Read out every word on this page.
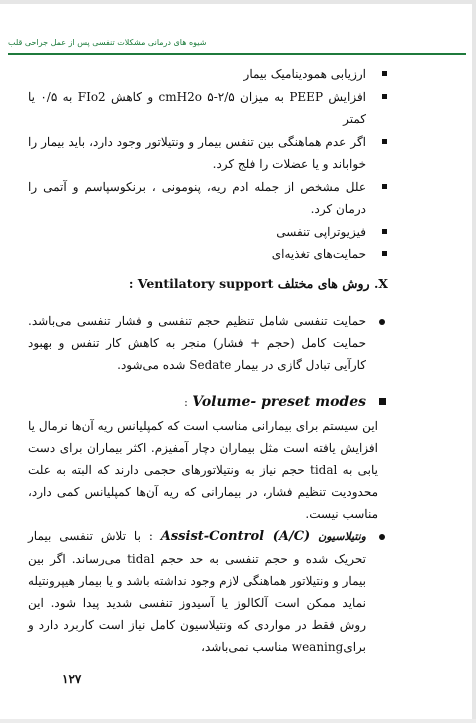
شیوه های درمانی مشکلات تنفسی پس از عمل جراحی قلب
ارزیابی همودینامیک بیمار
افزایش PEEP به میزان cmH2o ۵-۲/۵ و کاهش FIo2 به ۰/۵ یا کمتر
اگر عدم هماهنگی بین تنفس بیمار و ونتیلاتور وجود دارد، باید بیمار را خواباند و یا عضلات را فلج کرد.
علل مشخص از جمله ادم ریه، پنومونی ، برنکوسپاسم و آتمی را درمان کرد.
فیزیوتراپی تنفسی
حمایت‌های تغذیه‌ای
X. روش های مختلف Ventilatory support :
حمایت تنفسی شامل تنظیم حجم تنفسی و فشار تنفسی می‌باشد. حمایت کامل (حجم + فشار) منجر به کاهش کار تنفس و بهبود کارآیی تبادل گازی در بیمار Sedate شده می‌شود.
Volume- preset modes :
این سیستم برای بیمارانی مناسب است که کمپلیانس ریه آن‌ها نرمال یا افزایش یافته است مثل بیماران دچار آمفیزم. اکثر بیماران برای دست یابی به tidal حجم نیاز به ونتیلاتورهای حجمی دارند که البته به علت محدودیت تنظیم فشار، در بیمارانی که ریه آن‌ها کمپلیانس کمی دارد، مناسب نیست.
ونتیلاسیون Assist-Control (A/C) : با تلاش تنفسی بیمار تحریک شده و حجم تنفسی به حد حجم tidal می‌رساند. اگر بین بیمار و ونتیلاتور هماهنگی لازم وجود نداشته باشد و یا بیمار هیپرونتیله نماید ممکن است آلکالوز یا آسیدوز تنفسی شدید پیدا شود. این روش فقط در مواردی که ونتیلاسیون کامل نیاز است کاربرد دارد و برایweaning مناسب نمی‌باشد،
۱۲۷
